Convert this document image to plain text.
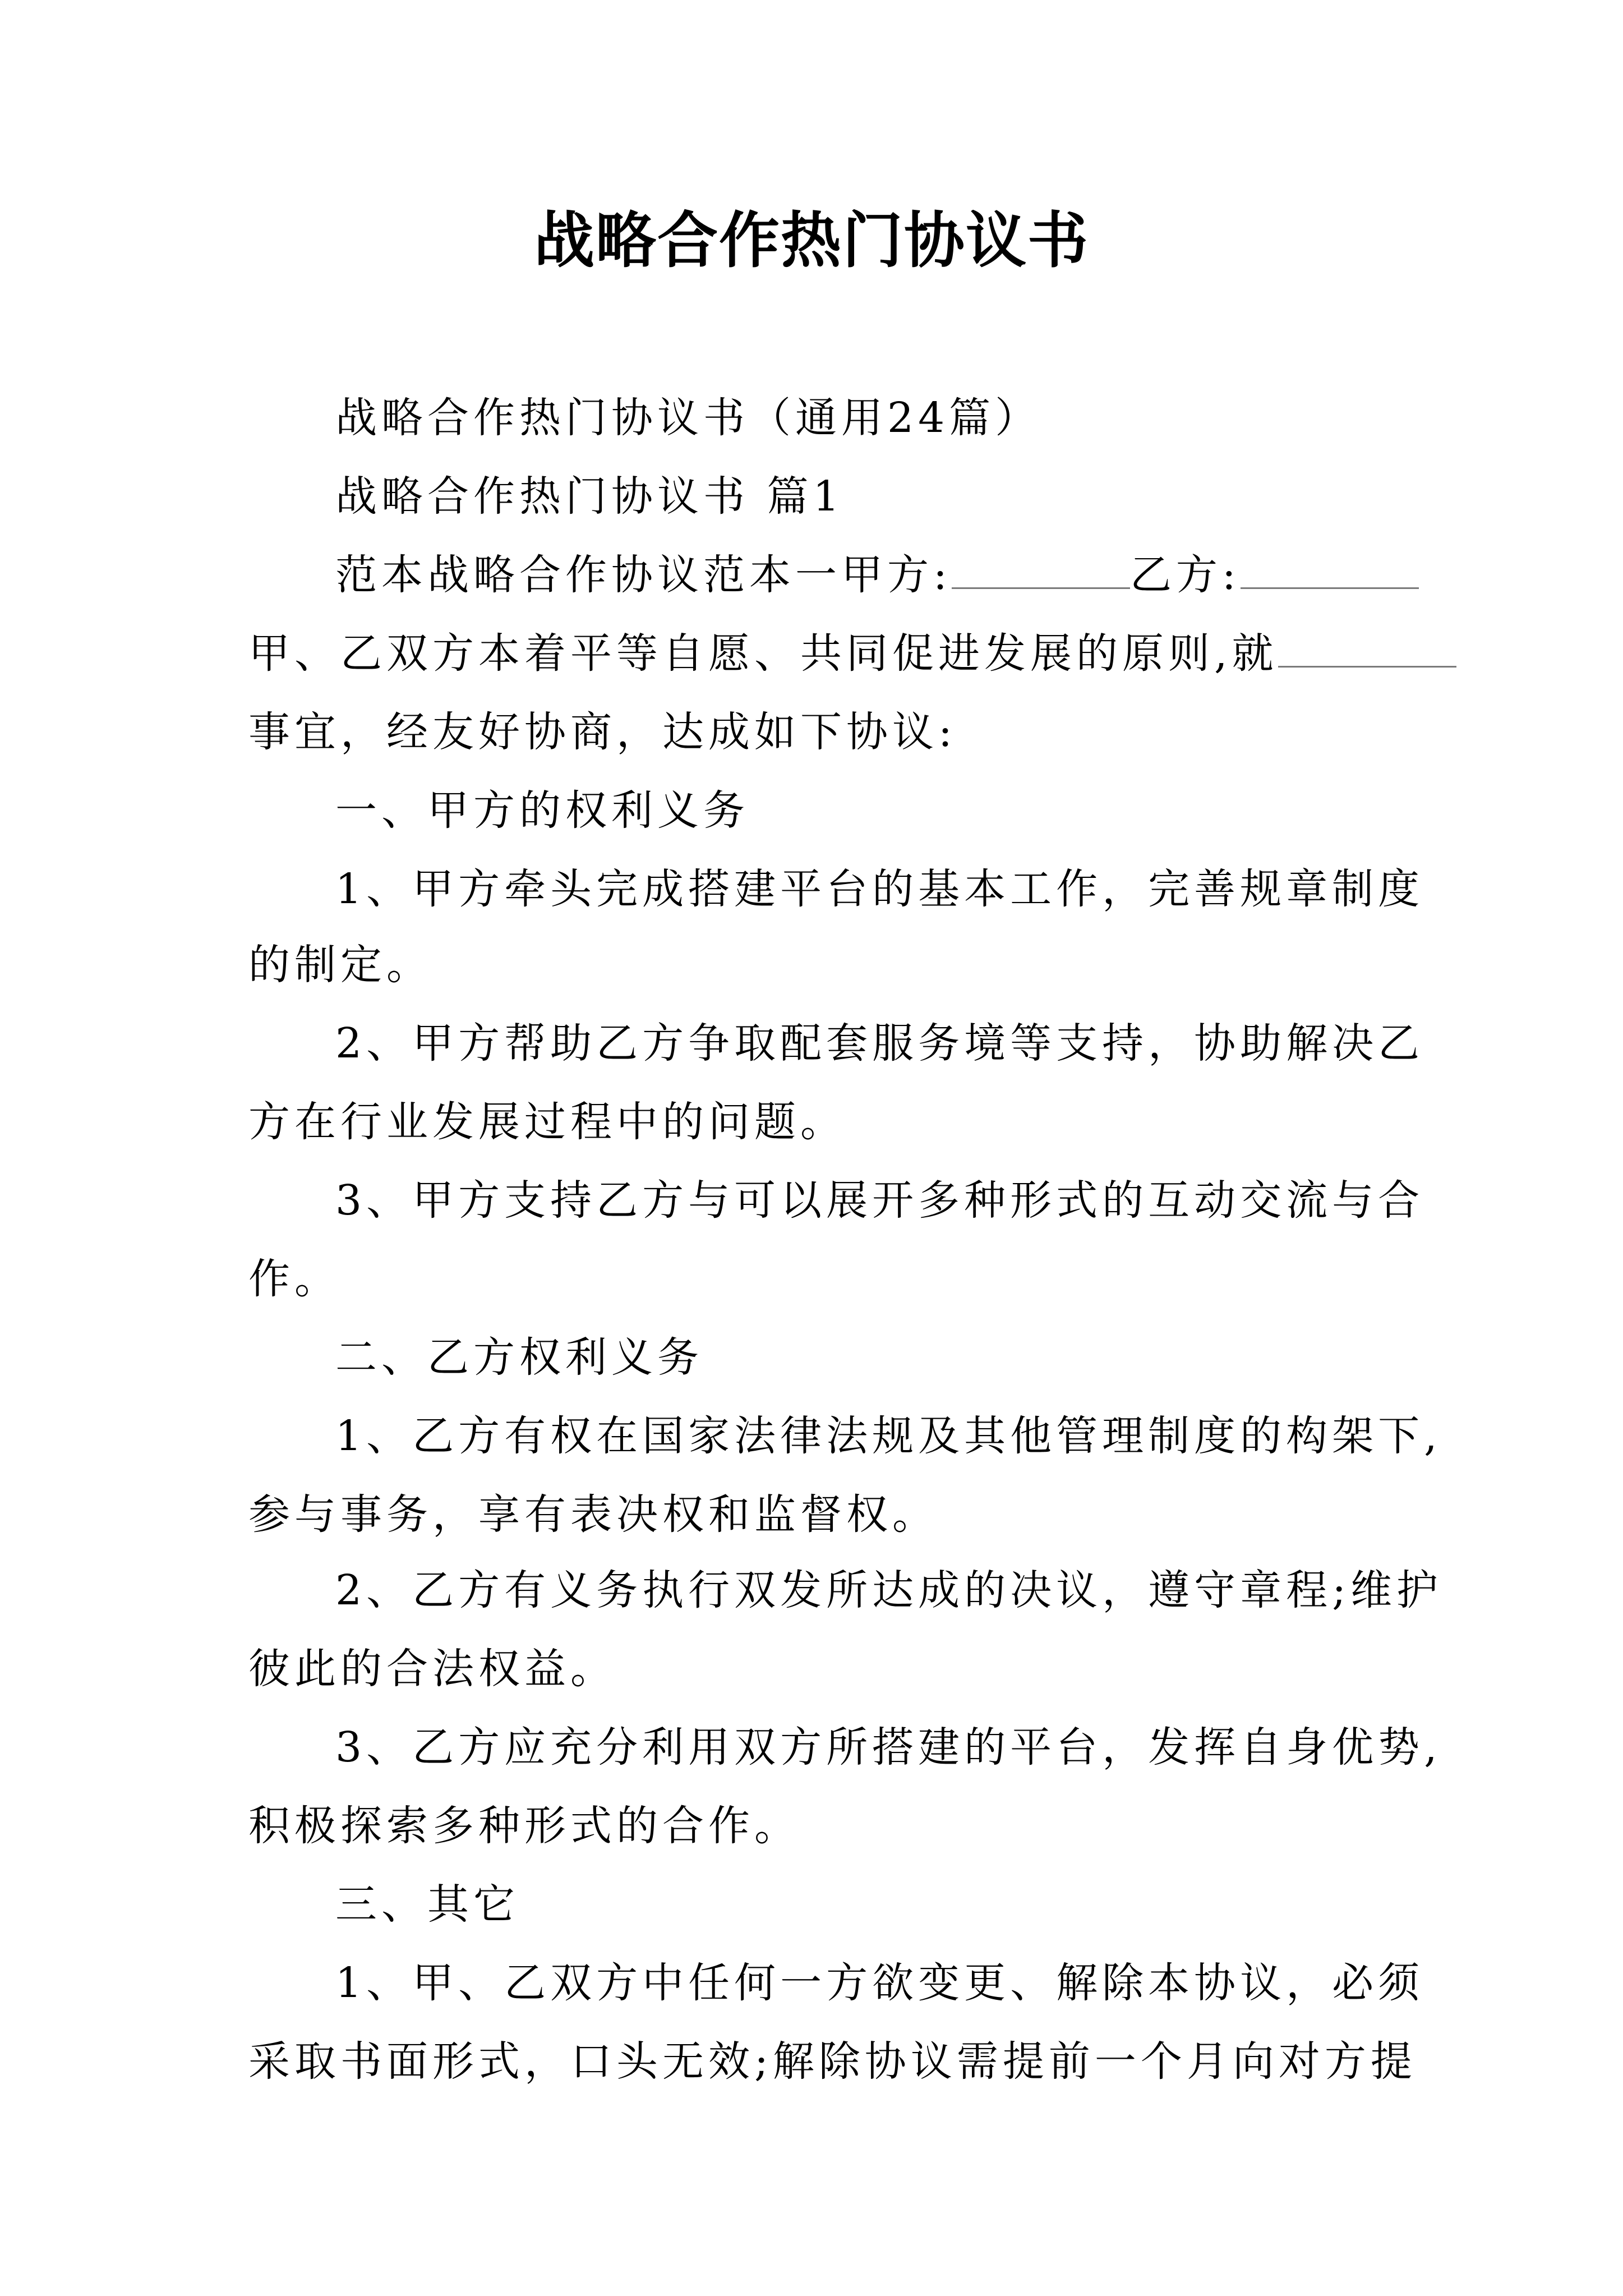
战略合作热门协议书

战略合作热门协议书（通用24篇）

战略合作热门协议书 篇1

范本战略合作协议范本一甲方:	乙方:

甲、乙双方本着平等自愿、共同促进发展的原则,就

事宜，经友好协商，达成如下协议:

一、甲方的权利义务

1、甲方牵头完成搭建平台的基本工作，完善规章制度

的制定。

2、甲方帮助乙方争取配套服务境等支持，协助解决乙

方在行业发展过程中的问题。

3、甲方支持乙方与可以展开多种形式的互动交流与合

作。

二、乙方权利义务

1、乙方有权在国家法律法规及其他管理制度的构架下,

参与事务，享有表决权和监督权。

2、乙方有义务执行双发所达成的决议，遵守章程;维护

彼此的合法权益。

3、乙方应充分利用双方所搭建的平台，发挥自身优势,

积极探索多种形式的合作。

三、其它

1、甲、乙双方中任何一方欲变更、解除本协议，必须

采取书面形式，口头无效;解除协议需提前一个月向对方提
